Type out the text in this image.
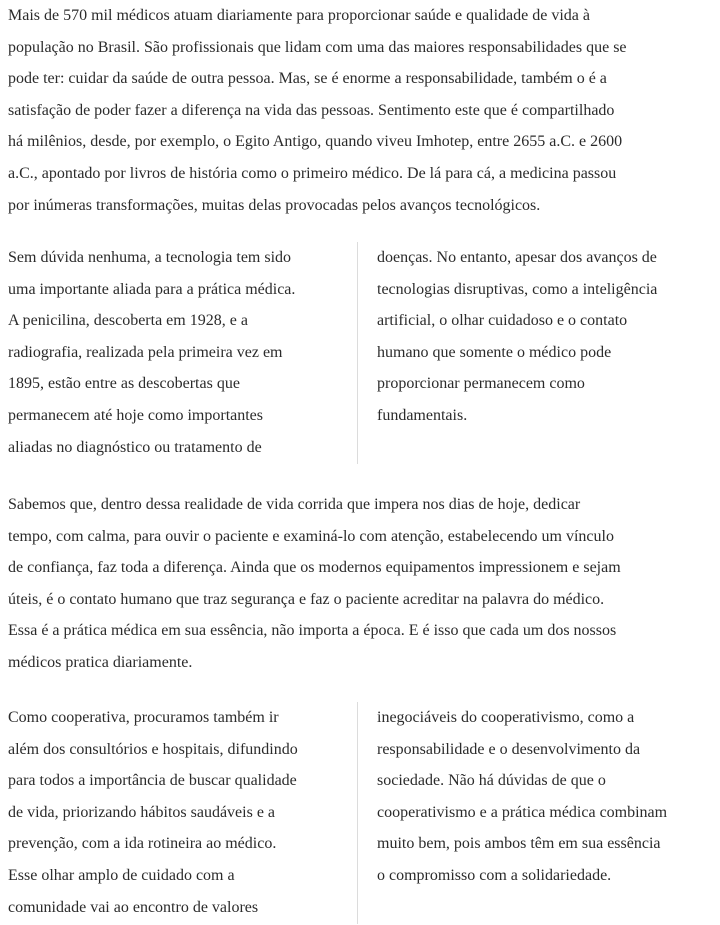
Mais de 570 mil médicos atuam diariamente para proporcionar saúde e qualidade de vida à
população no Brasil. São profissionais que lidam com uma das maiores responsabilidades que se
pode ter: cuidar da saúde de outra pessoa. Mas, se é enorme a responsabilidade, também o é a
satisfação de poder fazer a diferença na vida das pessoas. Sentimento este que é compartilhado
há milênios, desde, por exemplo, o Egito Antigo, quando viveu Imhotep, entre 2655 a.C. e 2600
a.C., apontado por livros de história como o primeiro médico. De lá para cá, a medicina passou
por inúmeras transformações, muitas delas provocadas pelos avanços tecnológicos.

Sem dúvida nenhuma, a tecnologia tem sido
uma importante aliada para a prática médica.
A penicilina, descoberta em 1928, e a
radiografia, realizada pela primeira vez em
1895, estão entre as descobertas que
permanecem até hoje como importantes
aliadas no diagnóstico ou tratamento de

doenças. No entanto, apesar dos avanços de
tecnologias disruptivas, como a inteligência
artificial, o olhar cuidadoso e o contato
humano que somente o médico pode
proporcionar permanecem como
fundamentais.

Sabemos que, dentro dessa realidade de vida corrida que impera nos dias de hoje, dedicar
tempo, com calma, para ouvir o paciente e examiná-lo com atenção, estabelecendo um vínculo
de confiança, faz toda a diferença. Ainda que os modernos equipamentos impressionem e sejam
úteis, é o contato humano que traz segurança e faz o paciente acreditar na palavra do médico.
Essa é a prática médica em sua essência, não importa a época. E é isso que cada um dos nossos
médicos pratica diariamente.

Como cooperativa, procuramos também ir
além dos consultórios e hospitais, difundindo
para todos a importância de buscar qualidade
de vida, priorizando hábitos saudáveis e a
prevenção, com a ida rotineira ao médico.
Esse olhar amplo de cuidado com a
comunidade vai ao encontro de valores

inegociáveis do cooperativismo, como a
responsabilidade e o desenvolvimento da
sociedade. Não há dúvidas de que o
cooperativismo e a prática médica combinam
muito bem, pois ambos têm em sua essência
o compromisso com a solidariedade.
